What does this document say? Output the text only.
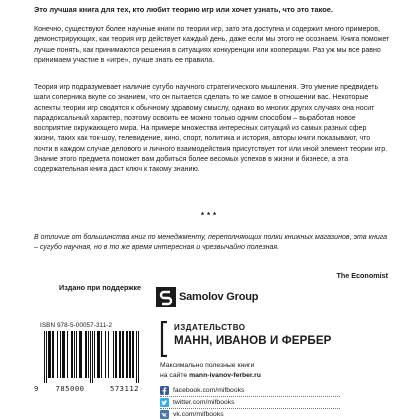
Это лучшая книга для тех, кто любит теорию игр или хочет узнать, что это такое.

Конечно, существуют более научные книги по теории игр, зато эта доступна и содержит много примеров, демонстрирующих, как теория игр действует каждый день, даже если мы этого не осознаем. Книга поможет лучше понять, как принимаются решения в ситуациях конкуренции или кооперации. Раз уж мы все равно принимаем участие в «игре», лучше знать ее правила.

Теория игр подразумевает наличие сугубо научного стратегического мышления. Это умение предвидеть шаги соперника вкупе со знанием, что он пытается сделать то же самое в отношении вас. Некоторые аспекты теории игр сводятся к обычному здравому смыслу, однако во многих других случаях она носит парадоксальный характер, поэтому освоить ее можно только одним способом – выработав новое восприятие окружающего мира. На примере множества интересных ситуаций из самых разных сфер жизни, таких как ток-шоу, телевидение, кино, спорт, политика и история, авторы книги показывают, что почти в каждом случае делового и личного взаимодействия присутствует тот или иной элемент теории игр. Знание этого предмета поможет вам добиться более весомых успехов в жизни и бизнесе, а эта содержательная книга даст ключ к такому знанию.

***

В отличие от большинства книг по менеджменту, переполняющих полки книжных магазинов, эта книга – сугубо научная, но в то же время интересная и чрезвычайно полезная.

The Economist
Издано при поддержке
Samolov Group
ISBN 978-5-00057-311-2
9	785000	573112
ИЗДАТЕЛЬСТВО
МАНН, ИВАНОВ И ФЕРБЕР
Максимально полезные книги
на сайте mann-ivanov-ferber.ru
facebook.com/mifbooks
twitter.com/mifbooks
vk.com/mifbooks
